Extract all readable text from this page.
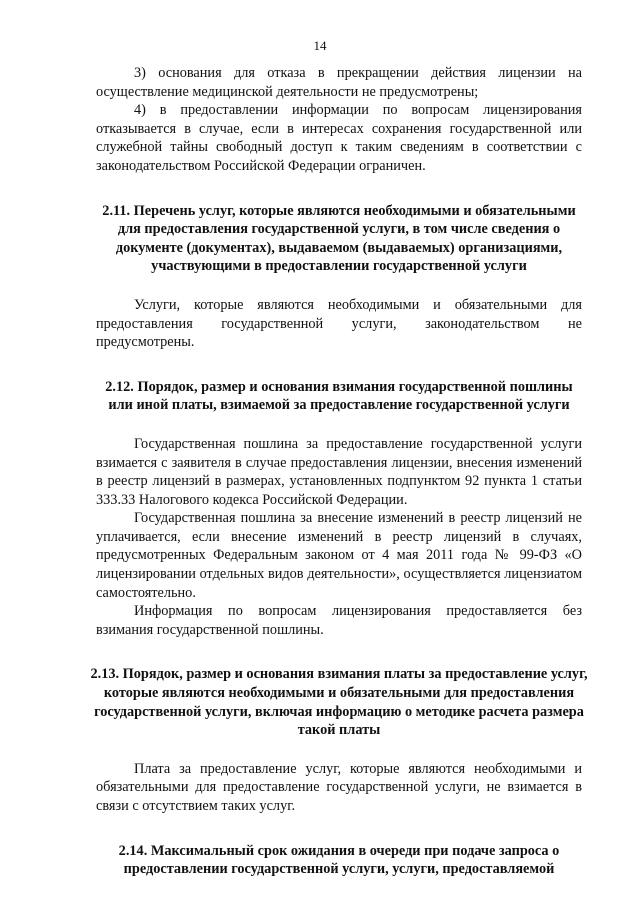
14

3) основания для отказа в прекращении действия лицензии на осуществление медицинской деятельности не предусмотрены;

4) в предоставлении информации по вопросам лицензирования отказывается в случае, если в интересах сохранения государственной или служебной тайны свободный доступ к таким сведениям в соответствии с законодательством Российской Федерации ограничен.

2.11. Перечень услуг, которые являются необходимыми и обязательными для предоставления государственной услуги, в том числе сведения о документе (документах), выдаваемом (выдаваемых) организациями, участвующими в предоставлении государственной услуги

Услуги, которые являются необходимыми и обязательными для предоставления государственной услуги, законодательством не предусмотрены.

2.12. Порядок, размер и основания взимания государственной пошлины или иной платы, взимаемой за предоставление государственной услуги

Государственная пошлина за предоставление государственной услуги взимается с заявителя в случае предоставления лицензии, внесения изменений в реестр лицензий в размерах, установленных подпунктом 92 пункта 1 статьи 333.33 Налогового кодекса Российской Федерации.

Государственная пошлина за внесение изменений в реестр лицензий не уплачивается, если внесение изменений в реестр лицензий в случаях, предусмотренных Федеральным законом от 4 мая 2011 года № 99-ФЗ «О лицензировании отдельных видов деятельности», осуществляется лицензиатом самостоятельно.

Информация по вопросам лицензирования предоставляется без взимания государственной пошлины.

2.13. Порядок, размер и основания взимания платы за предоставление услуг, которые являются необходимыми и обязательными для предоставления государственной услуги, включая информацию о методике расчета размера такой платы

Плата за предоставление услуг, которые являются необходимыми и обязательными для предоставление государственной услуги, не взимается в связи с отсутствием таких услуг.

2.14. Максимальный срок ожидания в очереди при подаче запроса о предоставлении государственной услуги, услуги, предоставляемой
